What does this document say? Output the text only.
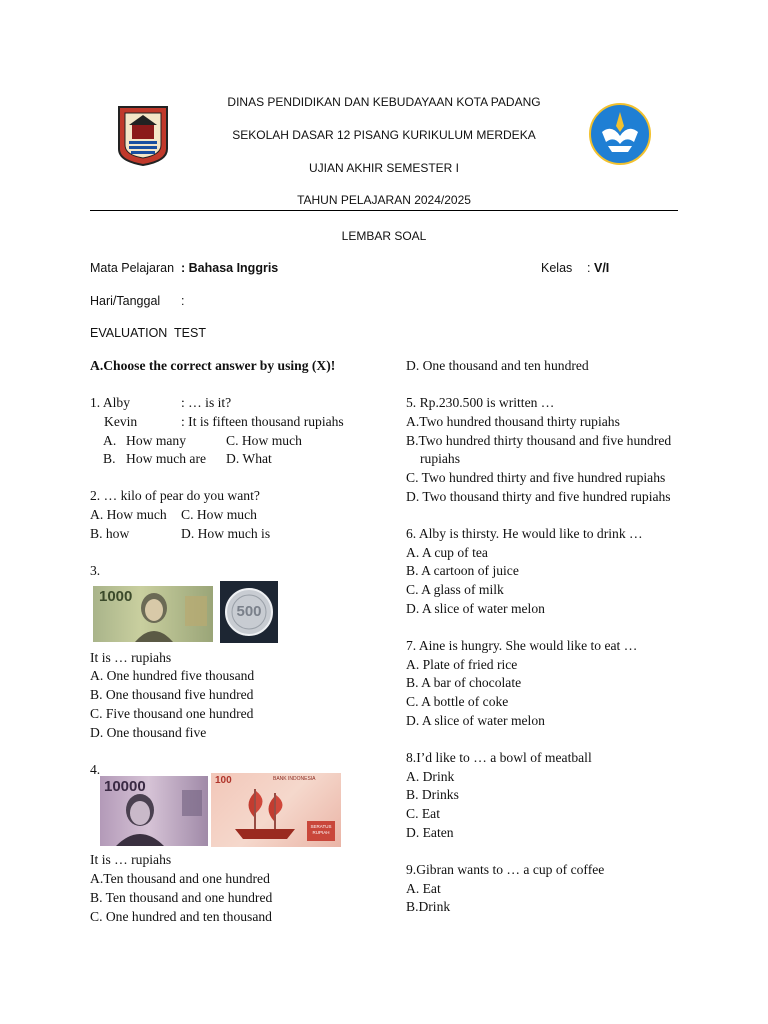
DINAS PENDIDIKAN DAN KEBUDAYAAN KOTA PADANG
SEKOLAH DASAR 12 PISANG KURIKULUM MERDEKA
UJIAN AKHIR SEMESTER I
TAHUN PELAJARAN 2024/2025
LEMBAR SOAL
Mata Pelajaran : Bahasa Inggris	Kelas : V/I
Hari/Tanggal :
EVALUATION  TEST

A.Choose the correct answer by using (X)!

1. Alby	: … is it?
Kevin	: It is fifteen thousand rupiahs
A. How many	C. How much
B. How much are D. What

2. … kilo of pear do you want?

A. How much C. How much
B. how	D. How much is

3.

It is … rupiahs

A. One hundred five thousand

B. One thousand five hundred

C. Five thousand one hundred

D. One thousand five

4.

It is … rupiahs

A.Ten thousand and one hundred

B. Ten thousand and one hundred

C. One hundred and ten thousand

1000
500
10000	100	BANK INDONESIA
SERATUS RUPIAH

D. One thousand and ten hundred

5. Rp.230.500 is written …

A.Two hundred thousand thirty rupiahs

B.Two hundred thirty thousand and five hundred

rupiahs

C. Two hundred thirty and five hundred rupiahs

D. Two thousand thirty and five hundred rupiahs

6. Alby is thirsty. He would like to drink …

A. A cup of tea

B. A cartoon of juice

C. A glass of milk

D. A slice of water melon

7. Aine is hungry. She would like to eat …

A. Plate of fried rice

B. A bar of chocolate

C. A bottle of coke

D. A slice of water melon

8.I’d like to … a bowl of meatball

A. Drink

B. Drinks

C. Eat

D. Eaten

9.Gibran wants to … a cup of coffee

A. Eat

B.Drink
